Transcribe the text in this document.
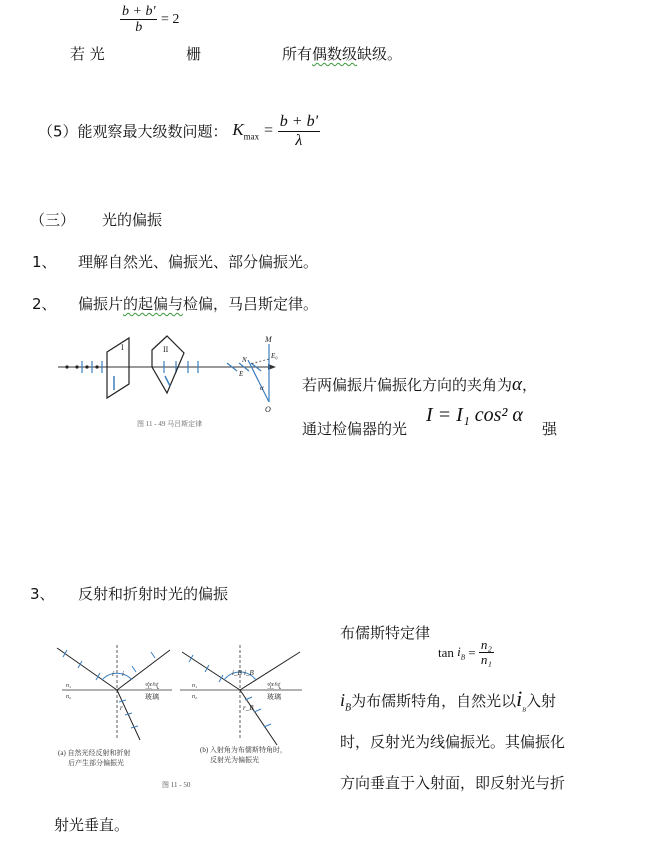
$\frac{b + b'}{b} = 2$
若 光	栅	所有偶数级缺级。
（5）能观察最大级数问题： $K_{max} = \frac{b + b'}{\lambda}$
（三） 光的偏振
1、 理解自然光、偏振光、部分偏振光。
2、 偏振片的起偏与检偏，马吕斯定律。
I	II
图 11 - 49 马吕斯定律
M
E₀
N
E
α
O
若两偏振片偏振化方向的夹角为α，
通过检偏器的光
I = I₁ cos² α
强
3、 反射和折射时光的偏振
i i
r
n₁
n₂
空气
玻璃
(a) 自然光经反射和折射
后产生部分偏振光
i_B i_B
r_B
n₁
n₂
空气
玻璃
(b) 入射角为布儒斯特角时，
反射光为偏振光
图 11 - 50
布儒斯特定律
$\tan i_B = \frac{\text{n₂}}{\text{n₁}}$
$i_B$为布儒斯特角，自然光以$i_B$入射
时，反射光为线偏振光。其偏振化
方向垂直于入射面，即反射光与折
射光垂直。
